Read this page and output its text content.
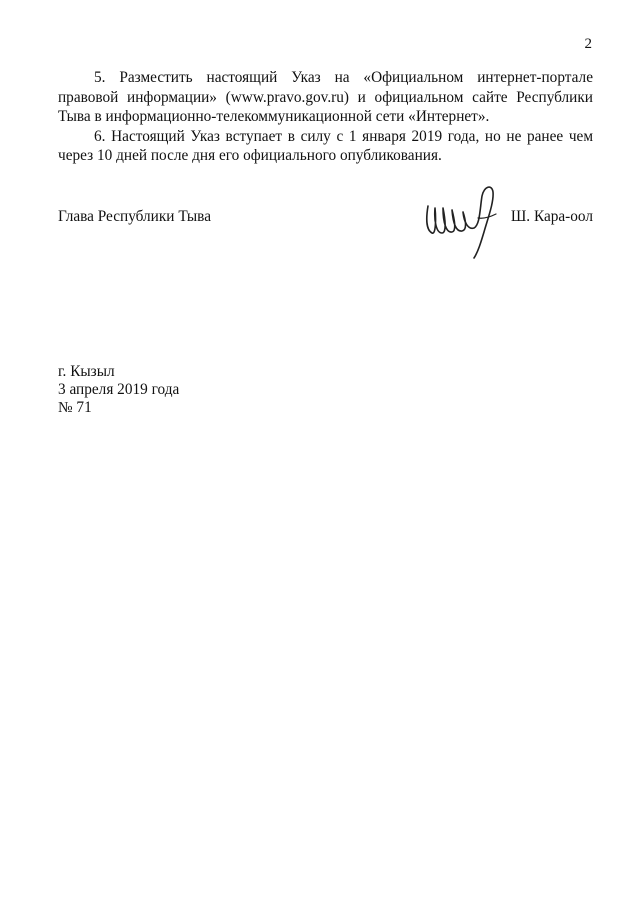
2

5. Разместить настоящий Указ на «Официальном интернет-портале правовой информации» (www.pravo.gov.ru) и официальном сайте Республики Тыва в информационно-телекоммуникационной сети «Интернет».

6. Настоящий Указ вступает в силу с 1 января 2019 года, но не ранее чем через 10 дней после дня его официального опубликования.

Глава Республики Тыва	Ш. Кара-оол
г. Кызыл
3 апреля 2019 года
№ 71
